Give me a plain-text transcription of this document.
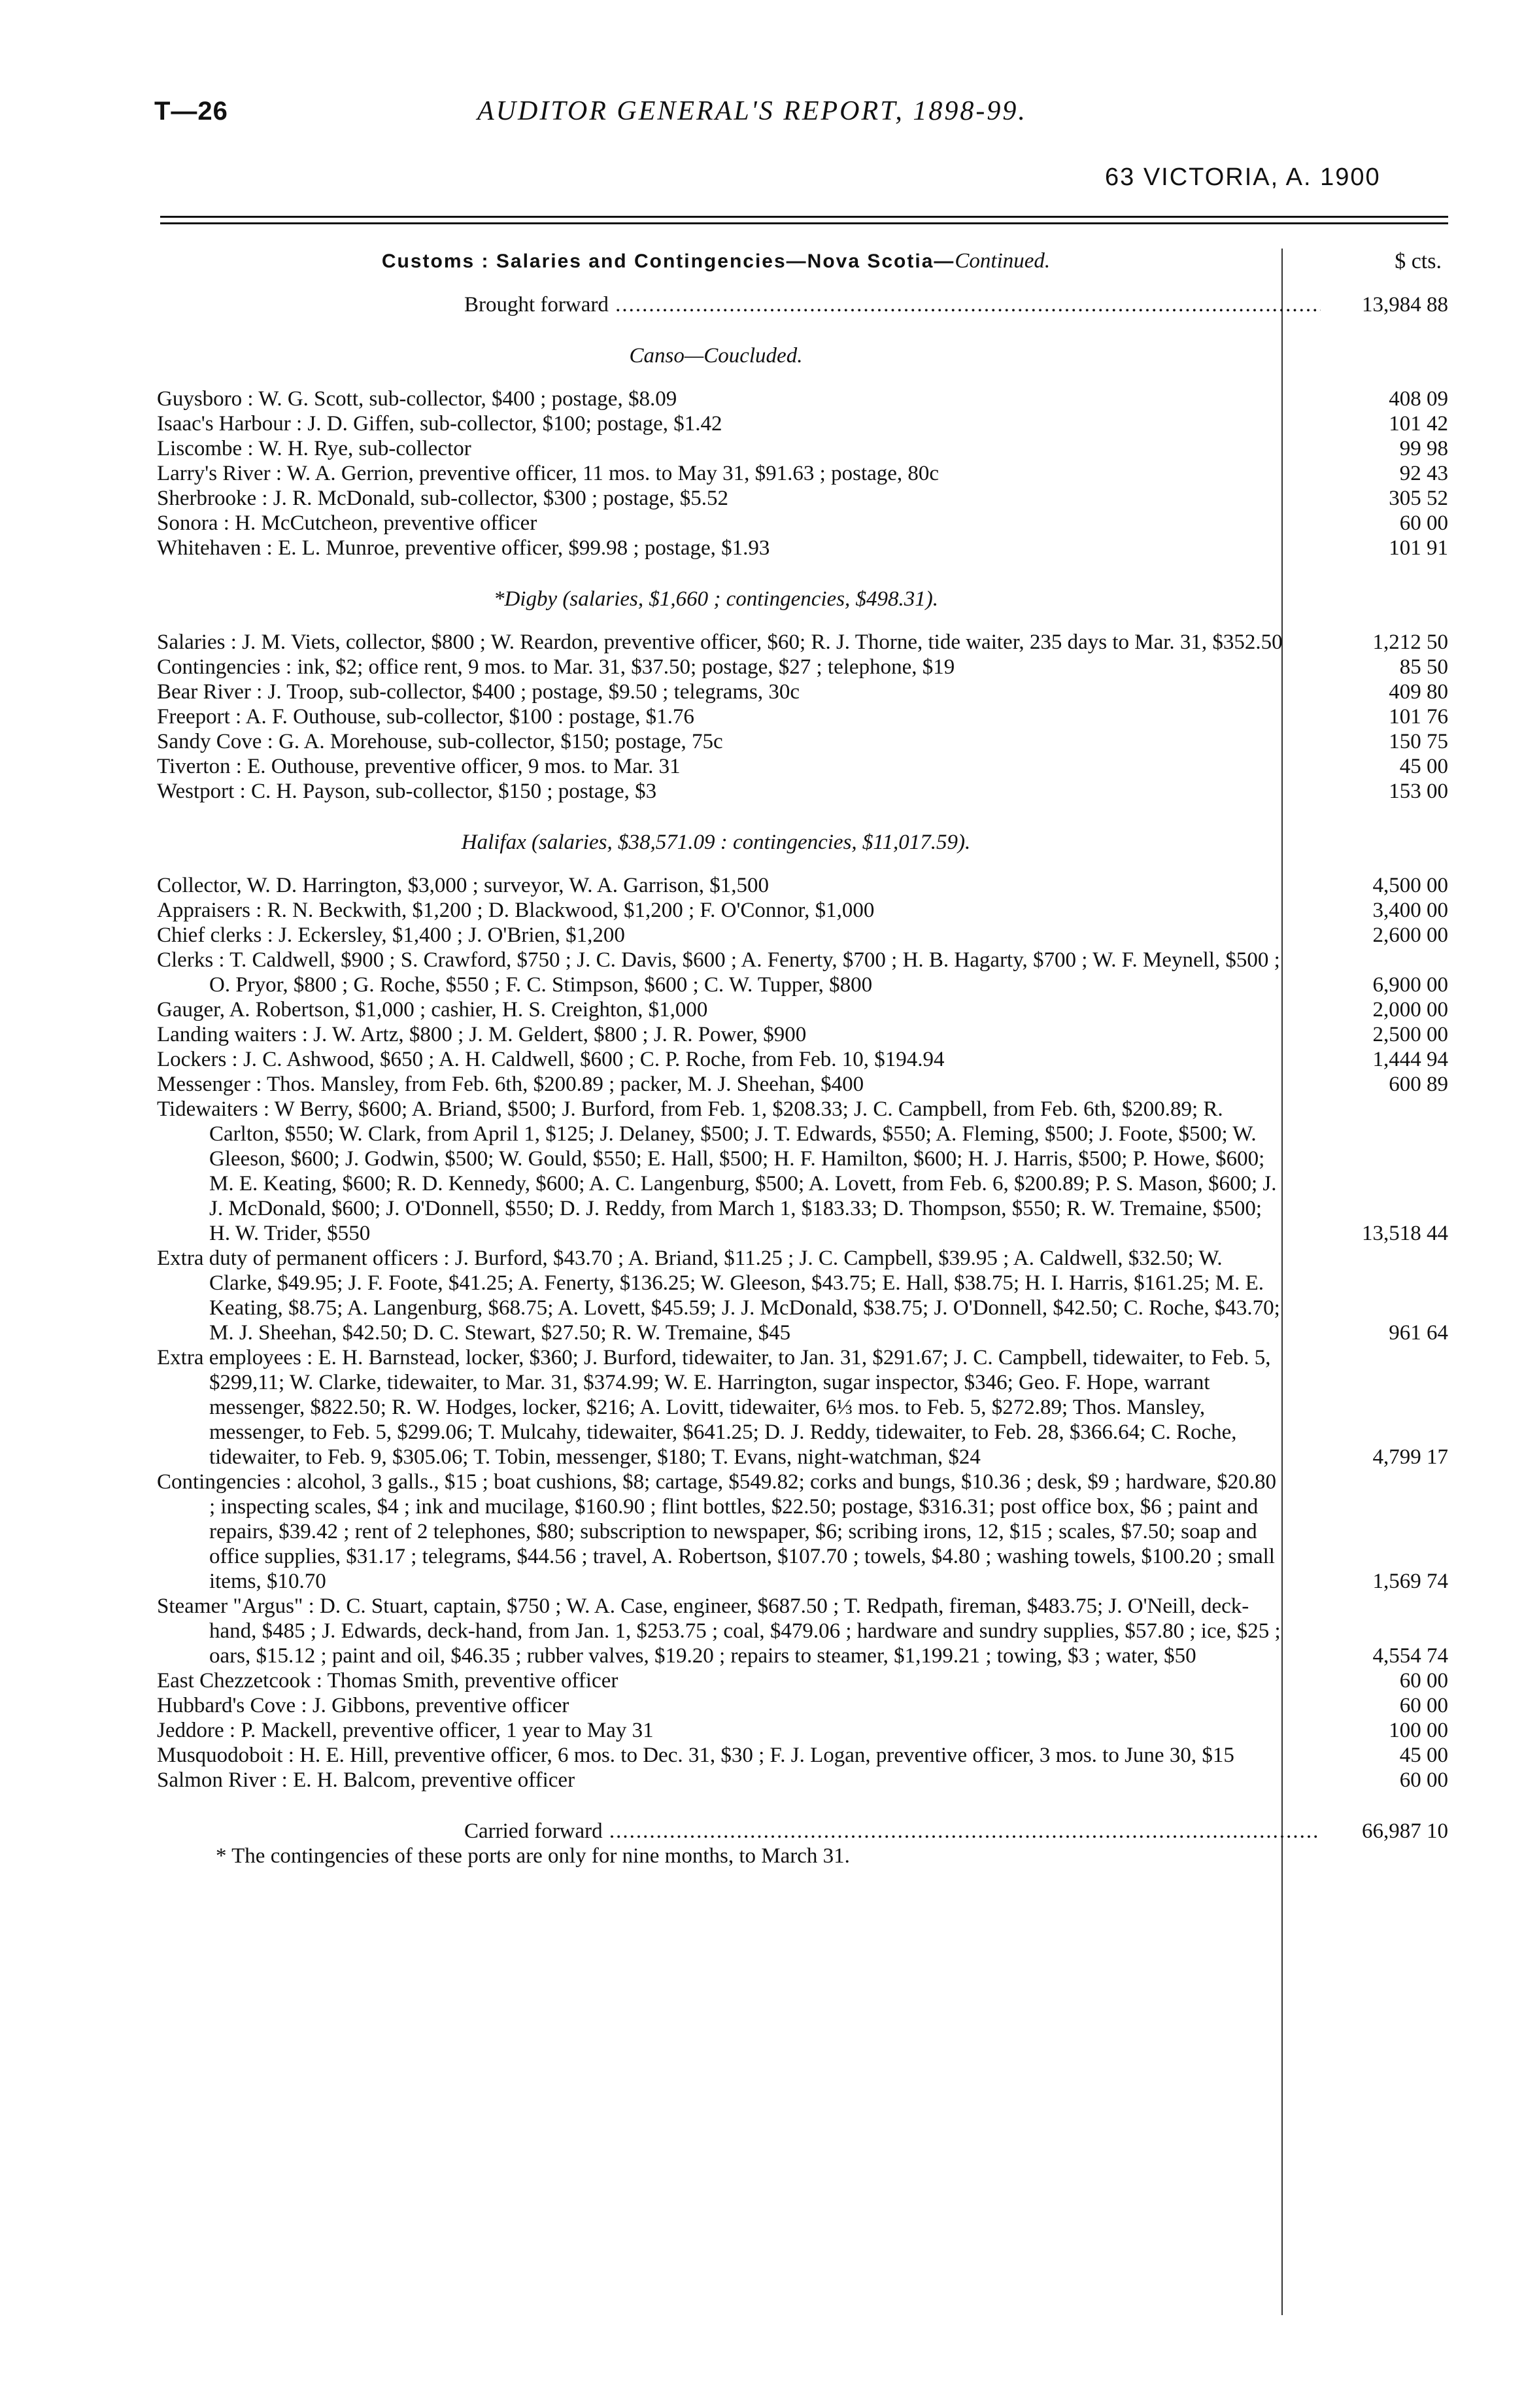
T—26	AUDITOR GENERAL'S REPORT, 1898-99.
63 VICTORIA, A. 1900
Customs : Salaries and Contingencies—Nova Scotia—Continued.	$ cts.
Brought forward .....	13,984 88
Canso—Coucluded.
Guysboro : W. G. Scott, sub-collector, $400 ; postage, $8.09	408 09
Isaac's Harbour : J. D. Giffen, sub-collector, $100; postage, $1.42	101 42
Liscombe : W. H. Rye, sub-collector	99 98
Larry's River : W. A. Gerrion, preventive officer, 11 mos. to May 31, $91.63 ; postage, 80c	92 43
Sherbrooke : J. R. McDonald, sub-collector, $300 ; postage, $5.52	305 52
Sonora : H. McCutcheon, preventive officer	60 00
Whitehaven : E. L. Munroe, preventive officer, $99.98 ; postage, $1.93	101 91
*Digby (salaries, $1,660 ; contingencies, $498.31).
Salaries : J. M. Viets, collector, $800 ; W. Reardon, preventive officer, $60; R. J. Thorne, tide waiter, 235 days to Mar. 31, $352.50	1,212 50
Contingencies : ink, $2; office rent, 9 mos. to Mar. 31, $37.50; postage, $27 ; telephone, $19	85 50
Bear River : J. Troop, sub-collector, $400 ; postage, $9.50 ; telegrams, 30c	409 80
Freeport : A. F. Outhouse, sub-collector, $100 : postage, $1.76	101 76
Sandy Cove : G. A. Morehouse, sub-collector, $150; postage, 75c	150 75
Tiverton : E. Outhouse, preventive officer, 9 mos. to Mar. 31	45 00
Westport : C. H. Payson, sub-collector, $150 ; postage, $3	153 00
Halifax (salaries, $38,571.09 : contingencies, $11,017.59).
Collector, W. D. Harrington, $3,000 ; surveyor, W. A. Garrison, $1,500	4,500 00
Appraisers : R. N. Beckwith, $1,200 ; D. Blackwood, $1,200 ; F. O'Connor, $1,000	3,400 00
Chief clerks : J. Eckersley, $1,400 ; J. O'Brien, $1,200	2,600 00
Clerks : T. Caldwell, $900 ; S. Crawford, $750 ; J. C. Davis, $600 ; A. Fenerty, $700 ; H. B. Hagarty, $700 ; W. F. Meynell, $500 ; O. Pryor, $800 ; G. Roche, $550 ; F. C. Stimpson, $600 ; C. W. Tupper, $800	6,900 00
Gauger, A. Robertson, $1,000 ; cashier, H. S. Creighton, $1,000	2,000 00
Landing waiters : J. W. Artz, $800 ; J. M. Geldert, $800 ; J. R. Power, $900	2,500 00
Lockers : J. C. Ashwood, $650 ; A. H. Caldwell, $600 ; C. P. Roche, from Feb. 10, $194.94	1,444 94
Messenger : Thos. Mansley, from Feb. 6th, $200.89 ; packer, M. J. Sheehan, $400	600 89
Tidewaiters : W Berry, $600; A. Briand, $500; J. Burford, from Feb. 1, $208.33; J. C. Campbell, from Feb. 6th, $200.89; R. Carlton, $550; W. Clark, from April 1, $125; J. Delaney, $500; J. T. Edwards, $550; A. Fleming, $500; J. Foote, $500; W. Gleeson, $600; J. Godwin, $500; W. Gould, $550; E. Hall, $500; H. F. Hamilton, $600; H. J. Harris, $500; P. Howe, $600; M. E. Keating, $600; R. D. Kennedy, $600; A. C. Langenburg, $500; A. Lovett, from Feb. 6, $200.89; P. S. Mason, $600; J. J. McDonald, $600; J. O'Donnell, $550; D. J. Reddy, from March 1, $183.33; D. Thompson, $550; R. W. Tremaine, $500; H. W. Trider, $550	13,518 44
Extra duty of permanent officers : J. Burford, $43.70 ; A. Briand, $11.25 ; J. C. Campbell, $39.95 ; A. Caldwell, $32.50; W. Clarke, $49.95; J. F. Foote, $41.25; A. Fenerty, $136.25; W. Gleeson, $43.75; E. Hall, $38.75; H. I. Harris, $161.25; M. E. Keating, $8.75; A. Langenburg, $68.75; A. Lovett, $45.59; J. J. McDonald, $38.75; J. O'Donnell, $42.50; C. Roche, $43.70; M. J. Sheehan, $42.50; D. C. Stewart, $27.50; R. W. Tremaine, $45	961 64
Extra employees : E. H. Barnstead, locker, $360; J. Burford, tidewaiter, to Jan. 31, $291.67; J. C. Campbell, tidewaiter, to Feb. 5, $299,11; W. Clarke, tidewaiter, to Mar. 31, $374.99; W. E. Harrington, sugar inspector, $346; Geo. F. Hope, warrant messenger, $822.50; R. W. Hodges, locker, $216; A. Lovitt, tidewaiter, 6⅓ mos. to Feb. 5, $272.89; Thos. Mansley, messenger, to Feb. 5, $299.06; T. Mulcahy, tidewaiter, $641.25; D. J. Reddy, tidewaiter, to Feb. 28, $366.64; C. Roche, tidewaiter, to Feb. 9, $305.06; T. Tobin, messenger, $180; T. Evans, night-watchman, $24	4,799 17
Contingencies : alcohol, 3 galls., $15 ; boat cushions, $8; cartage, $549.82; corks and bungs, $10.36 ; desk, $9 ; hardware, $20.80 ; inspecting scales, $4 ; ink and mucilage, $160.90 ; flint bottles, $22.50; postage, $316.31; post office box, $6 ; paint and repairs, $39.42 ; rent of 2 telephones, $80; subscription to newspaper, $6; scribing irons, 12, $15 ; scales, $7.50; soap and office supplies, $31.17 ; telegrams, $44.56 ; travel, A. Robertson, $107.70 ; towels, $4.80 ; washing towels, $100.20 ; small items, $10.70	1,569 74
Steamer "Argus" : D. C. Stuart, captain, $750 ; W. A. Case, engineer, $687.50 ; T. Redpath, fireman, $483.75; J. O'Neill, deck-hand, $485 ; J. Edwards, deck-hand, from Jan. 1, $253.75 ; coal, $479.06 ; hardware and sundry supplies, $57.80 ; ice, $25 ; oars, $15.12 ; paint and oil, $46.35 ; rubber valves, $19.20 ; repairs to steamer, $1,199.21 ; towing, $3 ; water, $50	4,554 74
East Chezzetcook : Thomas Smith, preventive officer	60 00
Hubbard's Cove : J. Gibbons, preventive officer	60 00
Jeddore : P. Mackell, preventive officer, 1 year to May 31	100 00
Musquodoboit : H. E. Hill, preventive officer, 6 mos. to Dec. 31, $30 ; F. J. Logan, preventive officer, 3 mos. to June 30, $15	45 00
Salmon River : E. H. Balcom, preventive officer	60 00
Carried forward .....	66,987 10
* The contingencies of these ports are only for nine months, to March 31.
